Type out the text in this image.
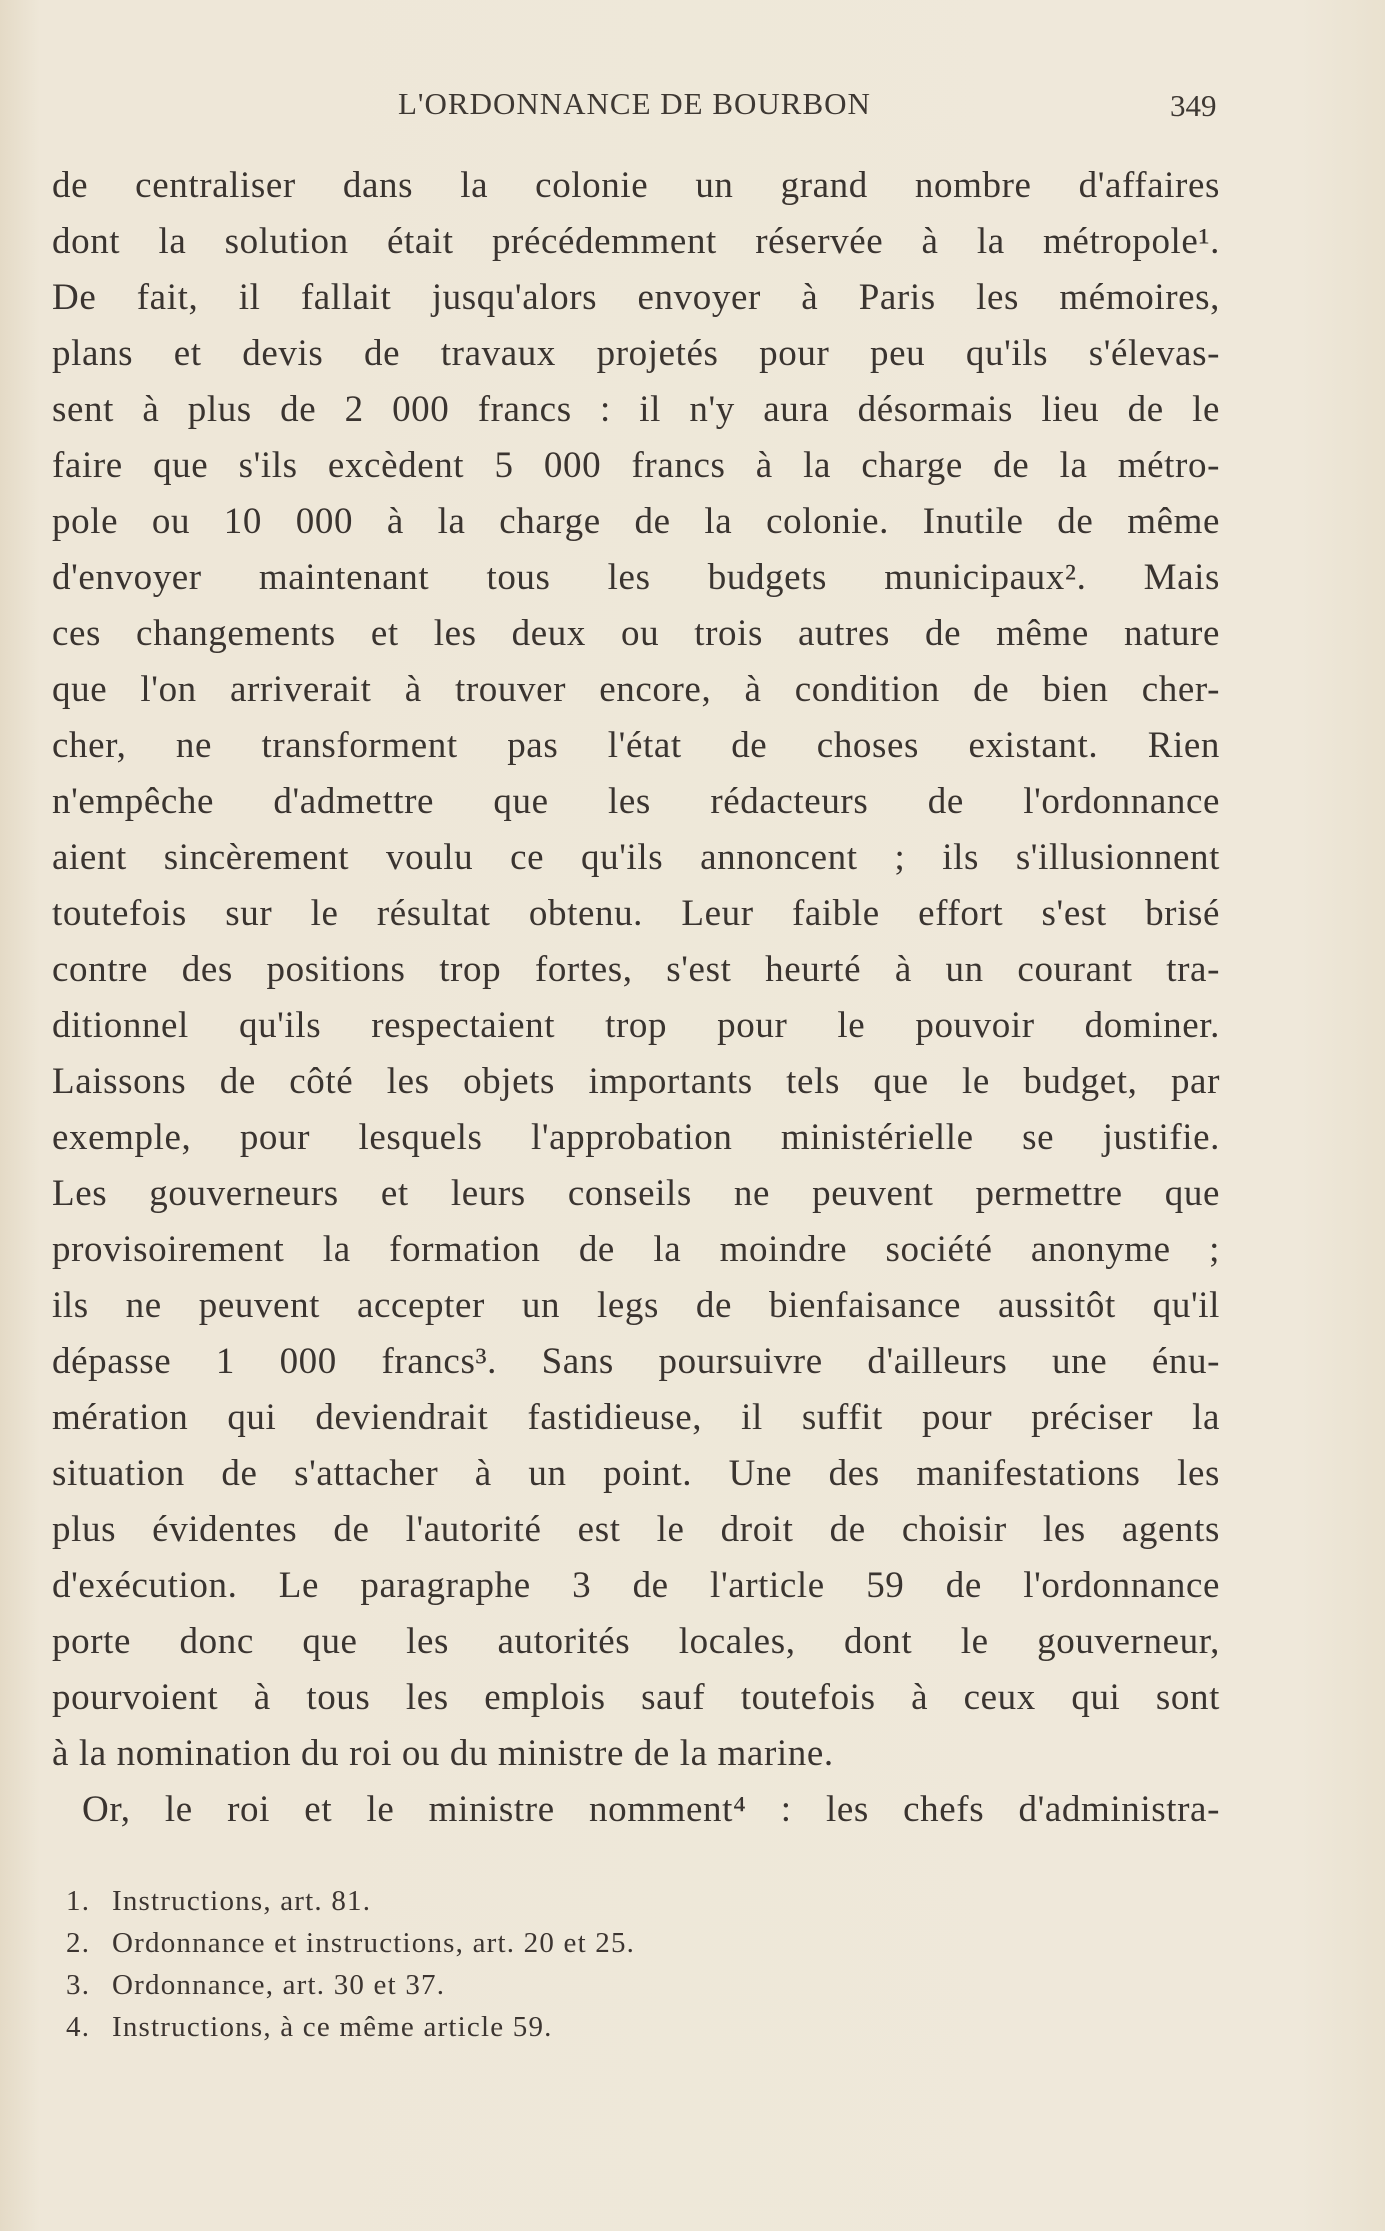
L'ORDONNANCE DE BOURBON	349
de centraliser dans la colonie un grand nombre d'affaires
dont la solution était précédemment réservée à la métropole¹.
De fait, il fallait jusqu'alors envoyer à Paris les mémoires,
plans et devis de travaux projetés pour peu qu'ils s'élevas-
sent à plus de 2 000 francs : il n'y aura désormais lieu de le
faire que s'ils excèdent 5 000 francs à la charge de la métro-
pole ou 10 000 à la charge de la colonie. Inutile de même
d'envoyer maintenant tous les budgets municipaux². Mais
ces changements et les deux ou trois autres de même nature
que l'on arriverait à trouver encore, à condition de bien cher-
cher, ne transforment pas l'état de choses existant. Rien
n'empêche d'admettre que les rédacteurs de l'ordonnance
aient sincèrement voulu ce qu'ils annoncent ; ils s'illusionnent
toutefois sur le résultat obtenu. Leur faible effort s'est brisé
contre des positions trop fortes, s'est heurté à un courant tra-
ditionnel qu'ils respectaient trop pour le pouvoir dominer.
Laissons de côté les objets importants tels que le budget, par
exemple, pour lesquels l'approbation ministérielle se justifie.
Les gouverneurs et leurs conseils ne peuvent permettre que
provisoirement la formation de la moindre société anonyme ;
ils ne peuvent accepter un legs de bienfaisance aussitôt qu'il
dépasse 1 000 francs³. Sans poursuivre d'ailleurs une énu-
mération qui deviendrait fastidieuse, il suffit pour préciser la
situation de s'attacher à un point. Une des manifestations les
plus évidentes de l'autorité est le droit de choisir les agents
d'exécution. Le paragraphe 3 de l'article 59 de l'ordonnance
porte donc que les autorités locales, dont le gouverneur,
pourvoient à tous les emplois sauf toutefois à ceux qui sont
à la nomination du roi ou du ministre de la marine.
Or, le roi et le ministre nomment⁴ : les chefs d'administra-
1. Instructions, art. 81.
2. Ordonnance et instructions, art. 20 et 25.
3. Ordonnance, art. 30 et 37.
4. Instructions, à ce même article 59.
